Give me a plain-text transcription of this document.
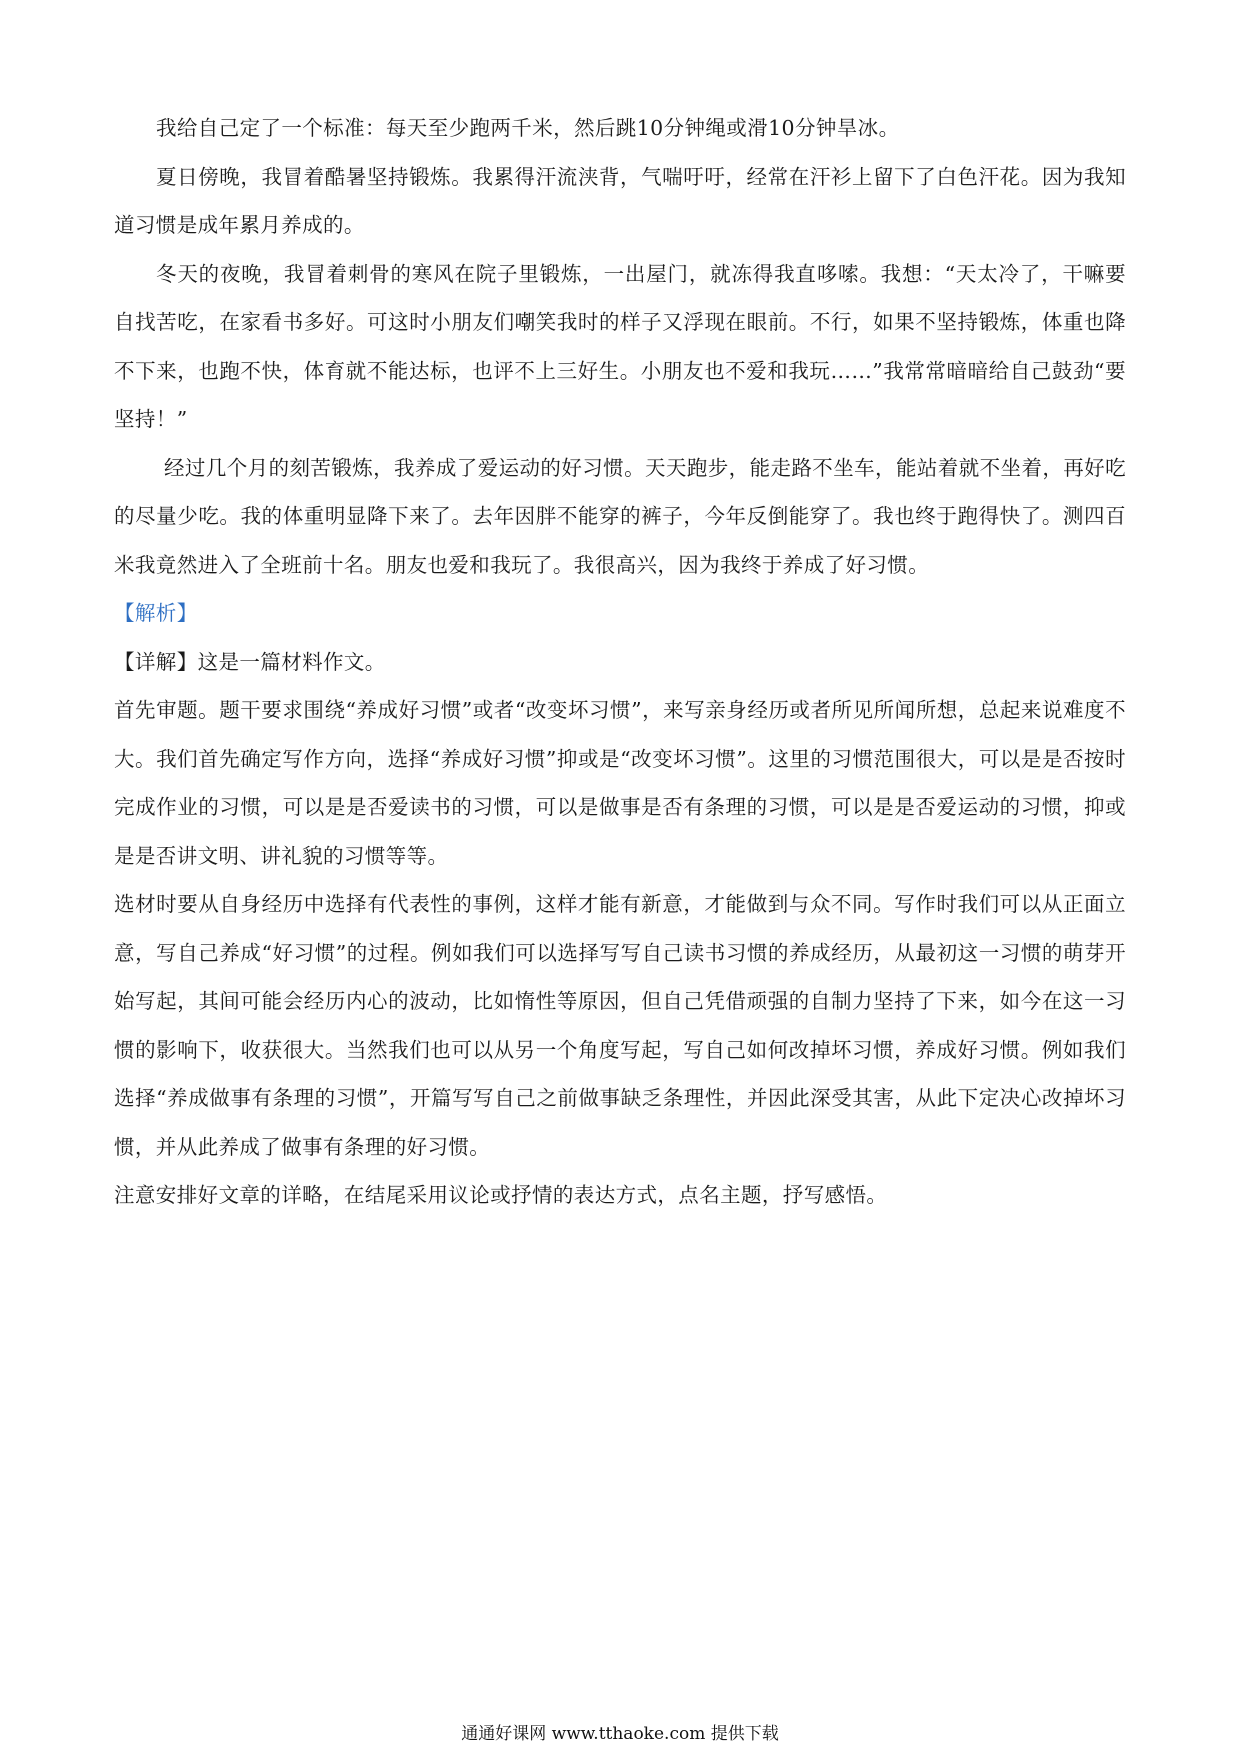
我给自己定了一个标准：每天至少跑两千米，然后跳10分钟绳或滑10分钟旱冰。

夏日傍晚，我冒着酷暑坚持锻炼。我累得汗流浃背，气喘吁吁，经常在汗衫上留下了白色汗花。因为我知道习惯是成年累月养成的。

冬天的夜晚，我冒着刺骨的寒风在院子里锻炼，一出屋门，就冻得我直哆嗦。我想：“天太冷了，干嘛要自找苦吃，在家看书多好。可这时小朋友们嘲笑我时的样子又浮现在眼前。不行，如果不坚持锻炼，体重也降不下来，也跑不快，体育就不能达标，也评不上三好生。小朋友也不爱和我玩……”我常常暗暗给自己鼓劲“要坚持！”

经过几个月的刻苦锻炼，我养成了爱运动的好习惯。天天跑步，能走路不坐车，能站着就不坐着，再好吃的尽量少吃。我的体重明显降下来了。去年因胖不能穿的裤子，今年反倒能穿了。我也终于跑得快了。测四百米我竟然进入了全班前十名。朋友也爱和我玩了。我很高兴，因为我终于养成了好习惯。

【解析】

【详解】这是一篇材料作文。

首先审题。题干要求围绕“养成好习惯”或者“改变坏习惯”，来写亲身经历或者所见所闻所想，总起来说难度不大。我们首先确定写作方向，选择“养成好习惯”抑或是“改变坏习惯”。这里的习惯范围很大，可以是是否按时完成作业的习惯，可以是是否爱读书的习惯，可以是做事是否有条理的习惯，可以是是否爱运动的习惯，抑或是是否讲文明、讲礼貌的习惯等等。

选材时要从自身经历中选择有代表性的事例，这样才能有新意，才能做到与众不同。写作时我们可以从正面立意，写自己养成“好习惯”的过程。例如我们可以选择写写自己读书习惯的养成经历，从最初这一习惯的萌芽开始写起，其间可能会经历内心的波动，比如惰性等原因，但自己凭借顽强的自制力坚持了下来，如今在这一习惯的影响下，收获很大。当然我们也可以从另一个角度写起，写自己如何改掉坏习惯，养成好习惯。例如我们选择“养成做事有条理的习惯”，开篇写写自己之前做事缺乏条理性，并因此深受其害，从此下定决心改掉坏习惯，并从此养成了做事有条理的好习惯。

注意安排好文章的详略，在结尾采用议论或抒情的表达方式，点名主题，抒写感悟。

通通好课网 www.tthaoke.com 提供下载
